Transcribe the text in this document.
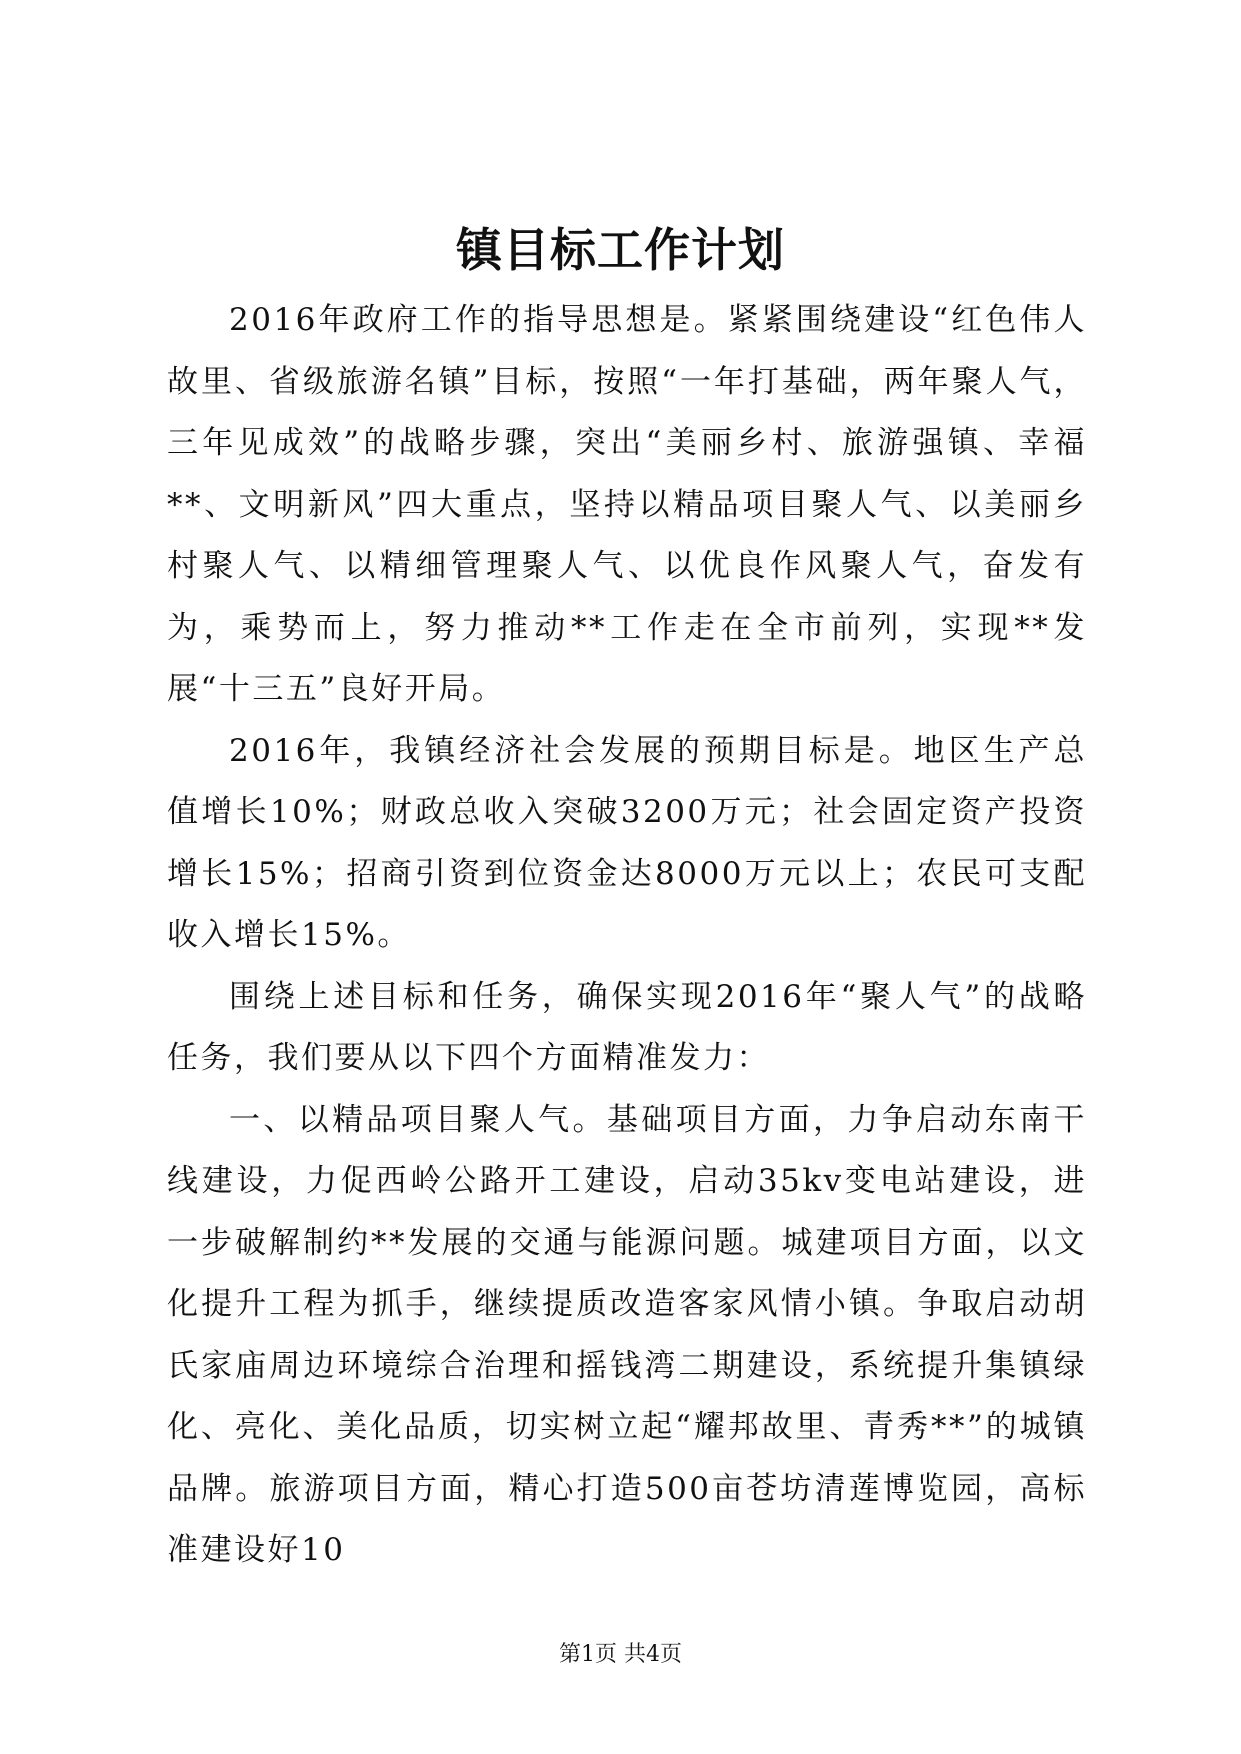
镇目标工作计划

2016年政府工作的指导思想是。紧紧围绕建设“红色伟人故里、省级旅游名镇”目标，按照“一年打基础，两年聚人气，三年见成效”的战略步骤，突出“美丽乡村、旅游强镇、幸福**、文明新风”四大重点，坚持以精品项目聚人气、以美丽乡村聚人气、以精细管理聚人气、以优良作风聚人气，奋发有为，乘势而上，努力推动**工作走在全市前列，实现**发展“十三五”良好开局。

2016年，我镇经济社会发展的预期目标是。地区生产总值增长10%；财政总收入突破3200万元；社会固定资产投资增长15%；招商引资到位资金达8000万元以上；农民可支配收入增长15%。

围绕上述目标和任务，确保实现2016年“聚人气”的战略任务，我们要从以下四个方面精准发力：

一、以精品项目聚人气。基础项目方面，力争启动东南干线建设，力促西岭公路开工建设，启动35kv变电站建设，进一步破解制约**发展的交通与能源问题。城建项目方面，以文化提升工程为抓手，继续提质改造客家风情小镇。争取启动胡氏家庙周边环境综合治理和摇钱湾二期建设，系统提升集镇绿化、亮化、美化品质，切实树立起“耀邦故里、青秀**”的城镇品牌。旅游项目方面，精心打造500亩苍坊清莲博览园，高标准建设好10

第1页 共4页
